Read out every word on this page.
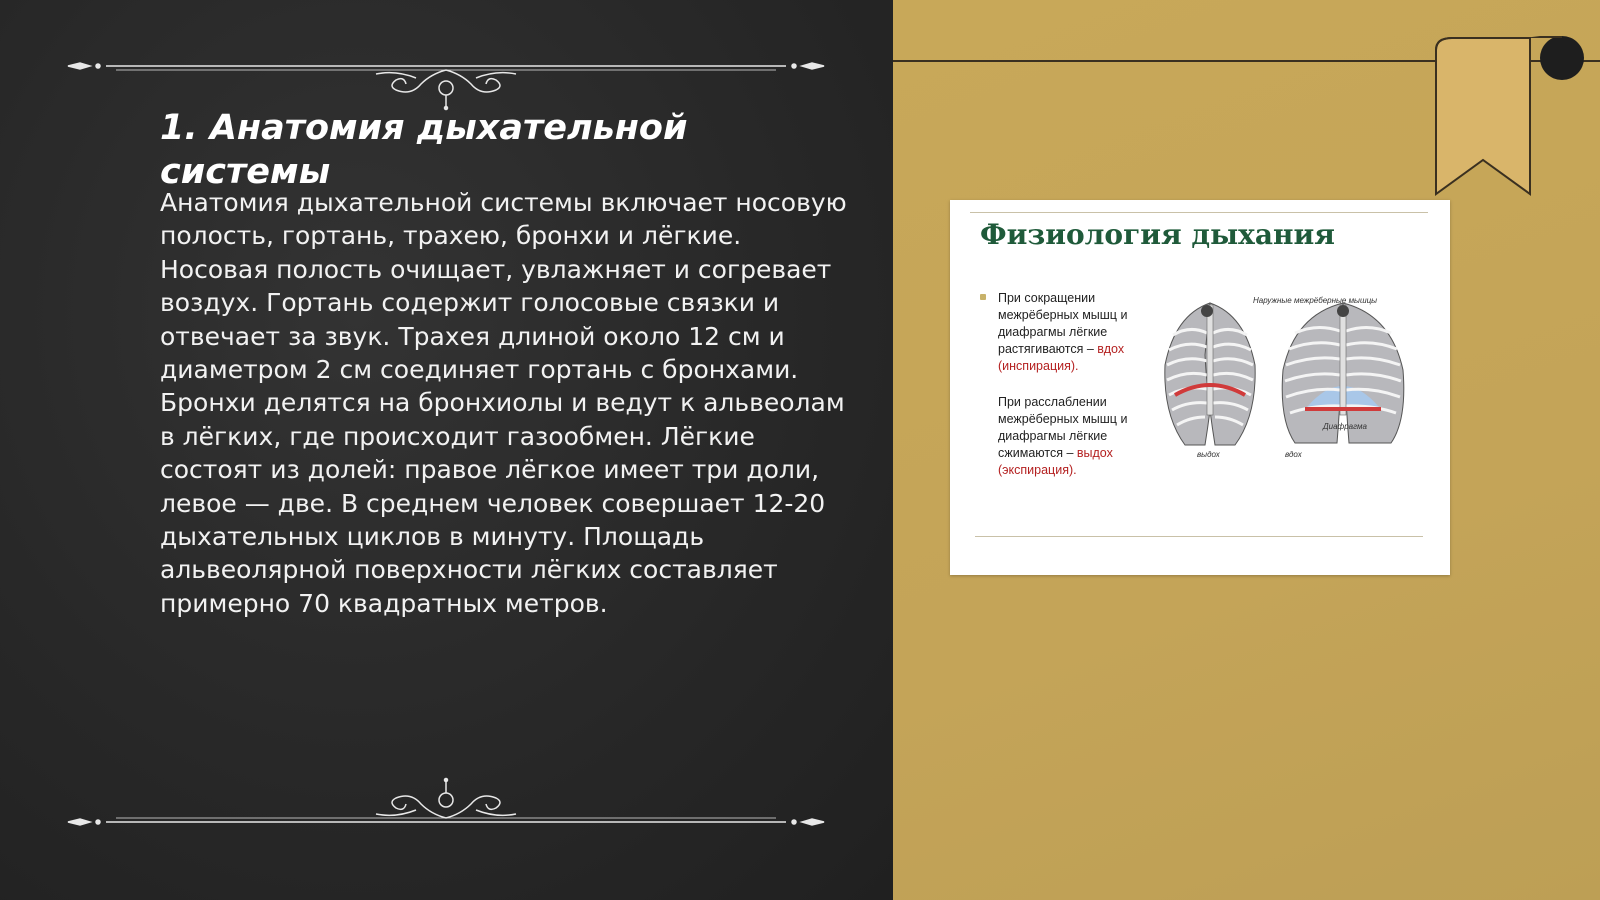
1. Анатомия дыхательной системы

Анатомия дыхательной системы включает носовую полость, гортань, трахею, бронхи и лёгкие. Носовая полость очищает, увлажняет и согревает воздух. Гортань содержит голосовые связки и отвечает за звук. Трахея длиной около 12 см и диаметром 2 см соединяет гортань с бронхами. Бронхи делятся на бронхиолы и ведут к альвеолам в лёгких, где происходит газообмен. Лёгкие состоят из долей: правое лёгкое имеет три доли, левое — две. В среднем человек совершает 12-20 дыхательных циклов в минуту. Площадь альвеолярной поверхности лёгких составляет примерно 70 квадратных метров.

Физиология дыхания

При сокращении межрёберных мышц и диафрагмы лёгкие растягиваются – вдох (инспирация).

При расслаблении межрёберных мышц и диафрагмы лёгкие сжимаются – выдох (экспирация).

Наружные межрёберные мышцы
Диафрагма
выдох	вдох
